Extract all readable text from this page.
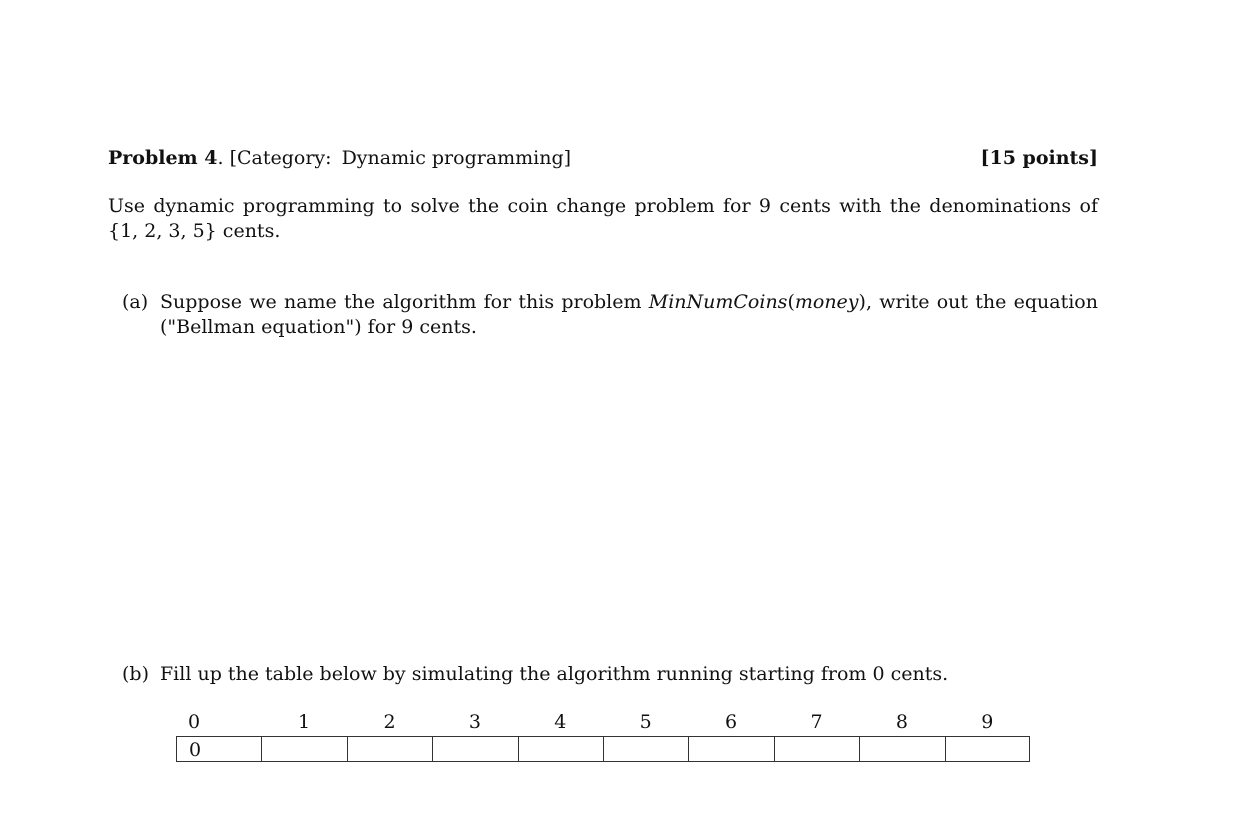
Problem 4. [Category: Dynamic programming]	[15 points]
Use dynamic programming to solve the coin change problem for 9 cents with the denominations of {1, 2, 3, 5} cents.
(a) Suppose we name the algorithm for this problem MinNumCoins(money), write out the equation ("Bellman equation") for 9 cents.
(b) Fill up the table below by simulating the algorithm running starting from 0 cents.
0	1	2	3	4	5	6	7	8	9
0
